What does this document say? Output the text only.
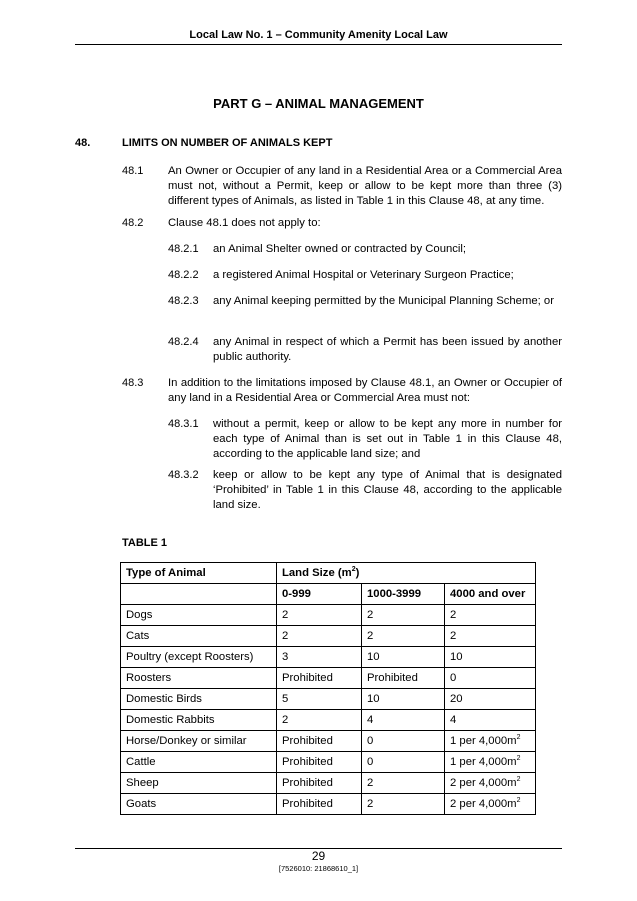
Local Law No. 1 – Community Amenity Local Law
PART G – ANIMAL MANAGEMENT
48.	LIMITS ON NUMBER OF ANIMALS KEPT
48.1 An Owner or Occupier of any land in a Residential Area or a Commercial Area must not, without a Permit, keep or allow to be kept more than three (3) different types of Animals, as listed in Table 1 in this Clause 48, at any time.
48.2 Clause 48.1 does not apply to:
48.2.1 an Animal Shelter owned or contracted by Council;
48.2.2 a registered Animal Hospital or Veterinary Surgeon Practice;
48.2.3 any Animal keeping permitted by the Municipal Planning Scheme; or
48.2.4 any Animal in respect of which a Permit has been issued by another public authority.
48.3 In addition to the limitations imposed by Clause 48.1, an Owner or Occupier of any land in a Residential Area or Commercial Area must not:
48.3.1 without a permit, keep or allow to be kept any more in number for each type of Animal than is set out in Table 1 in this Clause 48, according to the applicable land size; and
48.3.2 keep or allow to be kept any type of Animal that is designated ‘Prohibited’ in Table 1 in this Clause 48, according to the applicable land size.
TABLE 1
Type of Animal	Land Size $(m^2)$		
	0-999	1000-3999	4000 and over
Dogs	2	2	2
Cats	2	2	2
Poultry (except Roosters)	3	10	10
Roosters	Prohibited	Prohibited	0
Domestic Birds	5	10	20
Domestic Rabbits	2	4	4
Horse/Donkey or similar	Prohibited	0	1 per $4,000m^2$
Cattle	Prohibited	0	1 per $4,000m^2$
Sheep	Prohibited	2	2 per $4,000m^2$
Goats	Prohibited	2	2 per $4,000m^2$
29
[7526010: 21868610_1]
